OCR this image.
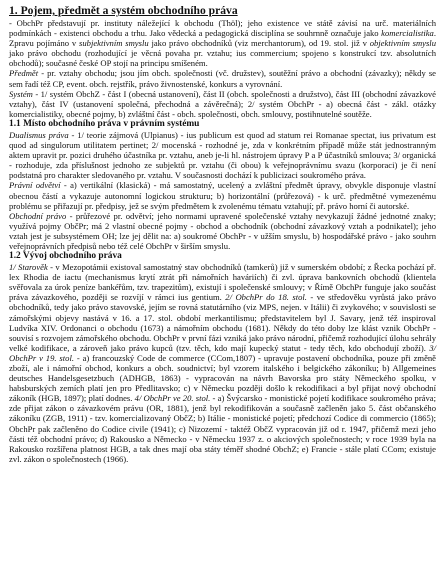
1. Pojem, předmět a systém obchodního práva
- ObchPr představují pr. instituty náležející k obchodu (Thöl); jeho existence ve státě závisí na urč. materiálních podmínkách - existenci obchodu a trhu. Jako vědecká a pedagogická disciplína se souhrnně označuje jako komercialistika. Zpravu pojímáno v subjektivním smyslu jako právo obchodníků (viz merchantorum), od 19. stol. již v objektivním smyslu jako právo obchodu (rozhodující je věcná povaha pr. vztahu; ius commercium; spojeno s konstrukcí tzv. absolutních obchodů); současné české OP stojí na principu smíšeném.
Předmět - pr. vztahy obchodu; jsou jím obch. společnosti (vč. družstev), soutěžní právo a obchodní (závazky); někdy se sem řadí též CP, event. obch. rejstřík, právo živnostenské, konkurs a vyrovnání.
Systém - 1/ systém ObchZ - část I (obecná ustanovení), část II (obch. společnosti a družstvo), část III (obchodní závazkové vztahy), část IV (ustanovení společná, přechodná a závěrečná); 2/ systém ObchPr - a) obecná část - zákl. otázky komercialistiky, obecné pojmy, b) zvláštní část - obch. společnosti, obch. smlouvy, postihnutelné soutěže.
1.1 Místo obchodního práva v právním systému
Dualismus práva - 1/ teorie zájmová (Ulpianus) - ius publicum est quod ad statum rei Romanae spectat, ius privatum est quod ad singulorum utilitatem pertinet; 2/ mocenská - rozhodné je, zda v konkrétním případě může stát jednostranným aktem upravit pr. pozici druhého účastníka pr. vztahu, aneb je-li hl. nástrojem úpravy P a P účastníků smlouva; 3/ organická - rozhoduje, zda příslušnost jednoho ze subjektů pr. vztahu (či obou) k veřejnoprávnímu svazu (korporaci) je či není podstatná pro charakter sledovaného pr. vztahu. V současnosti dochází k publicizaci soukromého práva.
Právní odvětví - a) vertikální (klasická) - má samostatný, ucelený a zvláštní předmět úpravy, obvykle disponuje vlastní obecnou částí a vykazuje autonomní logickou strukturu; b) horizontální (průřezová) - k urč. předmětné vymezenému problému se přiřazují pr. předpisy, jež se svým předmětem k zvolenému tématu vztahují; př. právo horní či autorské.
Obchodní právo - průřezové pr. odvětví; jeho normami upravené společenské vztahy nevykazují žádné jednotné znaky; využívá pojmy ObčPr; má 2 vlastní obecné pojmy - obchod a obchodník (obchodní závazkový vztah a podnikatel); jeho vztah jest je subsystémem OH; lze jej dělit na: a) soukromé ObchPr - v užším smyslu, b) hospodářské právo - jako souhrn veřejnoprávních předpisů nebo též celé ObchPr v širším smyslu.
1.2 Vývoj obchodního práva
1/ Starověk - v Mezopotámii existoval samostatný stav obchodníků (tamkerů) již v sumerském období; z Řecka pochází př. lex Rhodia de iactu (mechanismus krytí ztrát při námořních haváriích) či zvl. úprava bankovních obchodů (klientela svěřovala za úrok peníze bankéřům, tzv. trapezitům), existují i společenské smlouvy; v Římě ObchPr funguje jako součást práva závazkového, později se rozvíjí v rámci ius gentium. 2/ ObchPr do 18. stol. - ve středověku vyrůstá jako právo obchodníků, tedy jako právo stavovské, jejím se rovná statutárního (viz MPS, nejen. v Itálii) či zvykového; v souvislosti se zámořskými objevy nastává v 16. a 17. stol. období merkantilismu; představitelem byl J. Savary, jenž též inspiroval Ludvíka XIV. Ordonanci o obchodu (1673) a námořním obchodu (1681). Někdy do této doby lze klást vznik ObchPr - souvisí s rozvojem zámořského obchodu. ObchPr v první fázi vzniká jako právo národní, přičemž rozhodující úlohu sehrály velké kodifikace, a zároveň jako právo kupců (tzv. těch, kdo mají kupecký statut - tedy těch, kdo obchodují zboží). 3/ ObchPr v 19. stol. - a) francouzský Code de commerce (CCom,1807) - upravuje postavení obchodníka, pouze při změně zboží, ale i námořní obchod, konkurs a obch. soudnictví; byl vzorem italského i belgického zákoníku; b) Allgemeines deutsches Handelsgesetzbuch (ADHGB, 1863) - vypracován na návrh Bavorska pro státy Německého spolku, v habsburských zemích platí jen pro Předlitavsko; c) v Německu později došlo k rekodifikaci a byl přijat nový obchodní zákoník (HGB, 1897); platí dodnes. 4/ ObchPr ve 20. stol. - a) Švýcarsko - monistické pojetí kodifikace soukromého práva; zde přijat zákon o závazkovém právu (OR, 1881), jenž byl rekodifikován a současně začleněn jako 5. část občanského zákoníku (ZGB, 1911) - tzv. komercializovaný ObčZ; b) Itálie - monistické pojetí; předchozí Codice di commercio (1865); ObchPr pak začleněno do Codice civile (1941); c) Nizozemí - taktéž ObčZ vypracován již od r. 1947, přičemž mezi jeho části též obchodní právo; d) Rakousko a Německo - v Německu 1937 z. o akciových společnostech; v roce 1939 byla na Rakousko rozšířena platnost HGB, a tak dnes mají oba státy téměř shodné ObchZ; e) Francie - stále platí CCom; existuje zvl. zákon o společnostech (1966).
